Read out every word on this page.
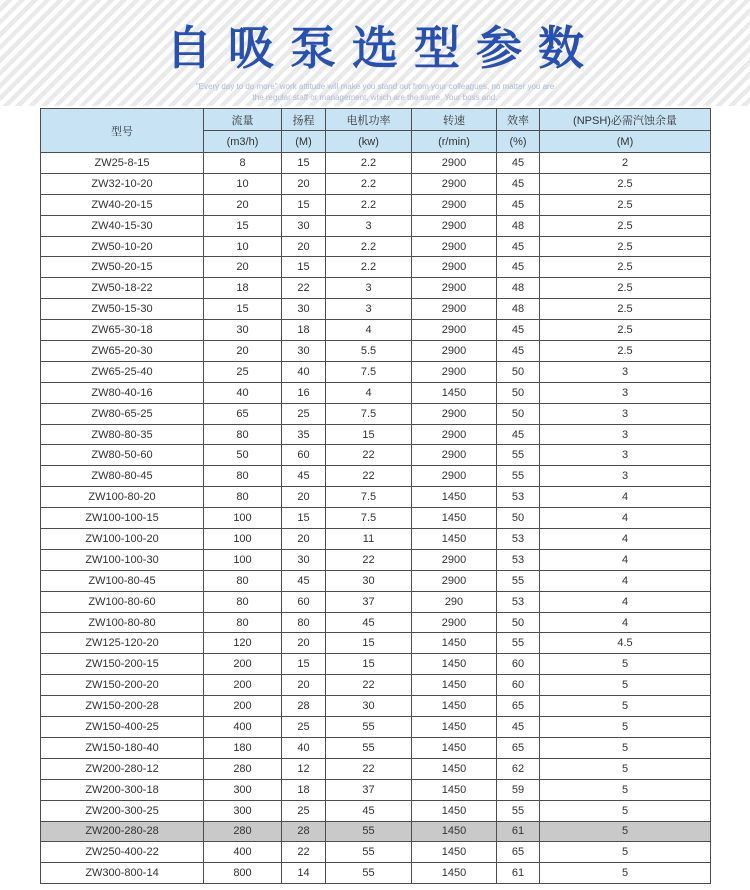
自吸泵选型参数
"Every day to do more" work attitude will make you stand out from your colleagues, no matter you are
the regular staff or management, which are the same. Your boss and.
型号	流量	扬程	电机功率	转速	效率	(NPSH)必需汽蚀余量
	(m3/h)	(M)	(kw)	(r/min)	(%)	(M)
ZW25-8-15	8	15	2.2	2900	45	2
ZW32-10-20	10	20	2.2	2900	45	2.5
ZW40-20-15	20	15	2.2	2900	45	2.5
ZW40-15-30	15	30	3	2900	48	2.5
ZW50-10-20	10	20	2.2	2900	45	2.5
ZW50-20-15	20	15	2.2	2900	45	2.5
ZW50-18-22	18	22	3	2900	48	2.5
ZW50-15-30	15	30	3	2900	48	2.5
ZW65-30-18	30	18	4	2900	45	2.5
ZW65-20-30	20	30	5.5	2900	45	2.5
ZW65-25-40	25	40	7.5	2900	50	3
ZW80-40-16	40	16	4	1450	50	3
ZW80-65-25	65	25	7.5	2900	50	3
ZW80-80-35	80	35	15	2900	45	3
ZW80-50-60	50	60	22	2900	55	3
ZW80-80-45	80	45	22	2900	55	3
ZW100-80-20	80	20	7.5	1450	53	4
ZW100-100-15	100	15	7.5	1450	50	4
ZW100-100-20	100	20	11	1450	53	4
ZW100-100-30	100	30	22	2900	53	4
ZW100-80-45	80	45	30	2900	55	4
ZW100-80-60	80	60	37	290	53	4
ZW100-80-80	80	80	45	2900	50	4
ZW125-120-20	120	20	15	1450	55	4.5
ZW150-200-15	200	15	15	1450	60	5
ZW150-200-20	200	20	22	1450	60	5
ZW150-200-28	200	28	30	1450	65	5
ZW150-400-25	400	25	55	1450	45	5
ZW150-180-40	180	40	55	1450	65	5
ZW200-280-12	280	12	22	1450	62	5
ZW200-300-18	300	18	37	1450	59	5
ZW200-300-25	300	25	45	1450	55	5
ZW200-280-28	280	28	55	1450	61	5
ZW250-400-22	400	22	55	1450	65	5
ZW300-800-14	800	14	55	1450	61	5
